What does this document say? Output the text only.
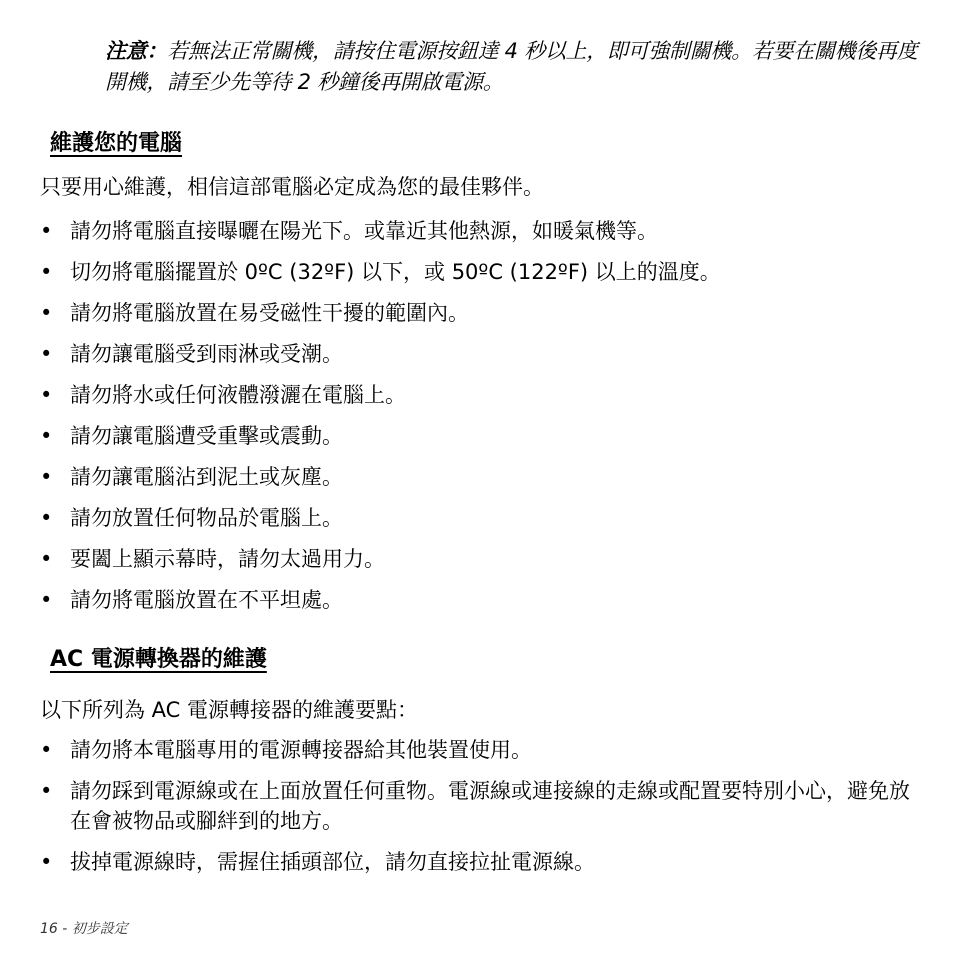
注意：若無法正常關機，請按住電源按鈕達 4 秒以上，即可強制關機。若要在關機後再度開機，請至少先等待 2 秒鐘後再開啟電源。
維護您的電腦
只要用心維護，相信這部電腦必定成為您的最佳夥伴。
• 請勿將電腦直接曝曬在陽光下。或靠近其他熱源，如暖氣機等。
• 切勿將電腦擺置於 0ºC (32ºF) 以下，或 50ºC (122ºF) 以上的溫度。
• 請勿將電腦放置在易受磁性干擾的範圍內。
• 請勿讓電腦受到雨淋或受潮。
• 請勿將水或任何液體潑灑在電腦上。
• 請勿讓電腦遭受重擊或震動。
• 請勿讓電腦沾到泥土或灰塵。
• 請勿放置任何物品於電腦上。
• 要闔上顯示幕時，請勿太過用力。
• 請勿將電腦放置在不平坦處。
AC 電源轉換器的維護
以下所列為 AC 電源轉接器的維護要點：
• 請勿將本電腦專用的電源轉接器給其他裝置使用。
• 請勿踩到電源線或在上面放置任何重物。電源線或連接線的走線或配置要特別小心，避免放在會被物品或腳絆到的地方。
• 拔掉電源線時，需握住插頭部位，請勿直接拉扯電源線。
16 - 初步設定
